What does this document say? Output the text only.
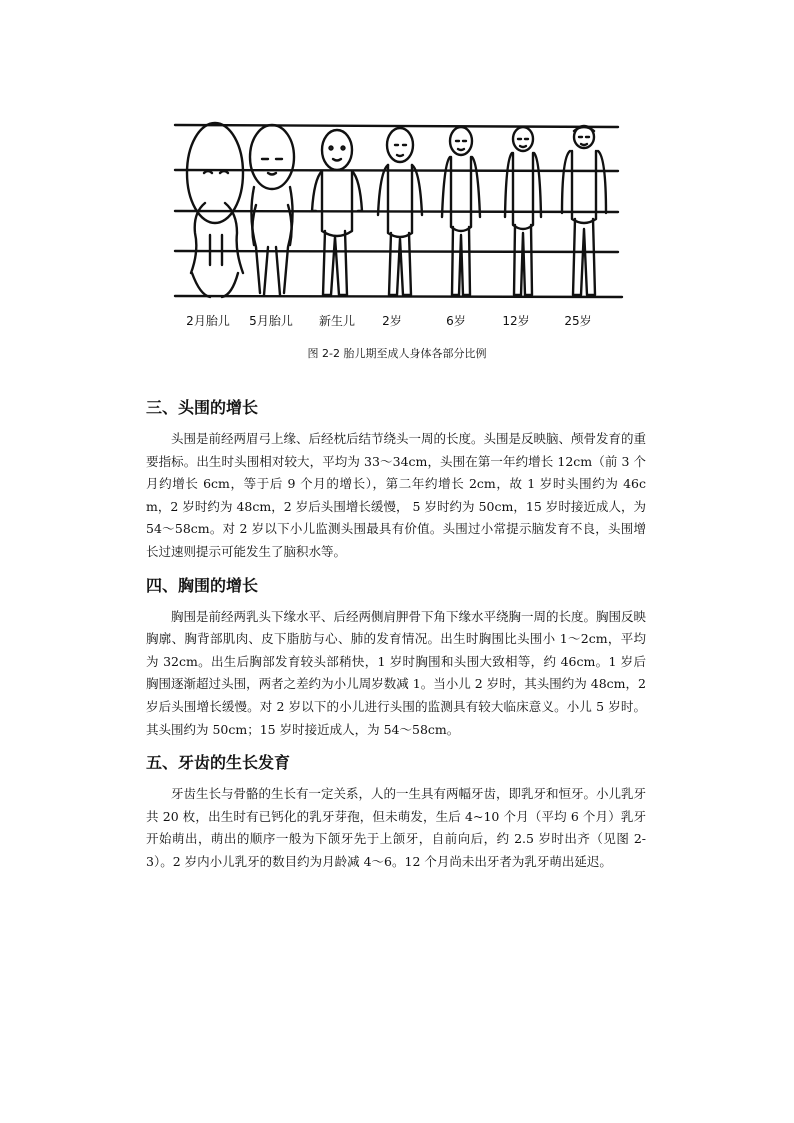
2月胎儿 5月胎儿 新生儿 2岁	6岁	12岁	25岁
图 2-2 胎儿期至成人身体各部分比例
三、头围的增长

头围是前经两眉弓上缘、后经枕后结节绕头一周的长度。头围是反映脑、颅骨发育的重要指标。出生时头围相对较大，平均为 33～34cm，头围在第一年约增长 12cm（前 3 个月约增长 6cm，等于后 9 个月的增长），第二年约增长 2cm，故 1 岁时头围约为 46cm，2 岁时约为 48cm，2 岁后头围增长缓慢， 5 岁时约为 50cm，15 岁时接近成人，为 54～58cm。对 2 岁以下小儿监测头围最具有价值。头围过小常提示脑发育不良，头围增长过速则提示可能发生了脑积水等。

四、胸围的增长

胸围是前经两乳头下缘水平、后经两侧肩胛骨下角下缘水平绕胸一周的长度。胸围反映胸廓、胸背部肌肉、皮下脂肪与心、肺的发育情况。出生时胸围比头围小 1～2cm，平均为 32cm。出生后胸部发育较头部稍快，1 岁时胸围和头围大致相等，约 46cm。1 岁后胸围逐渐超过头围，两者之差约为小儿周岁数减 1。当小儿 2 岁时，其头围约为 48cm，2 岁后头围增长缓慢。对 2 岁以下的小儿进行头围的监测具有较大临床意义。小儿 5 岁时。其头围约为 50cm；15 岁时接近成人，为 54～58cm。

五、牙齿的生长发育

牙齿生长与骨骼的生长有一定关系，人的一生具有两幅牙齿，即乳牙和恒牙。小儿乳牙共 20 枚，出生时有已钙化的乳牙芽孢，但未萌发，生后 4~10 个月（平均 6 个月）乳牙开始萌出，萌出的顺序一般为下颌牙先于上颌牙，自前向后，约 2.5 岁时出齐（见图 2-3）。2 岁内小儿乳牙的数目约为月龄减 4～6。12 个月尚未出牙者为乳牙萌出延迟。
